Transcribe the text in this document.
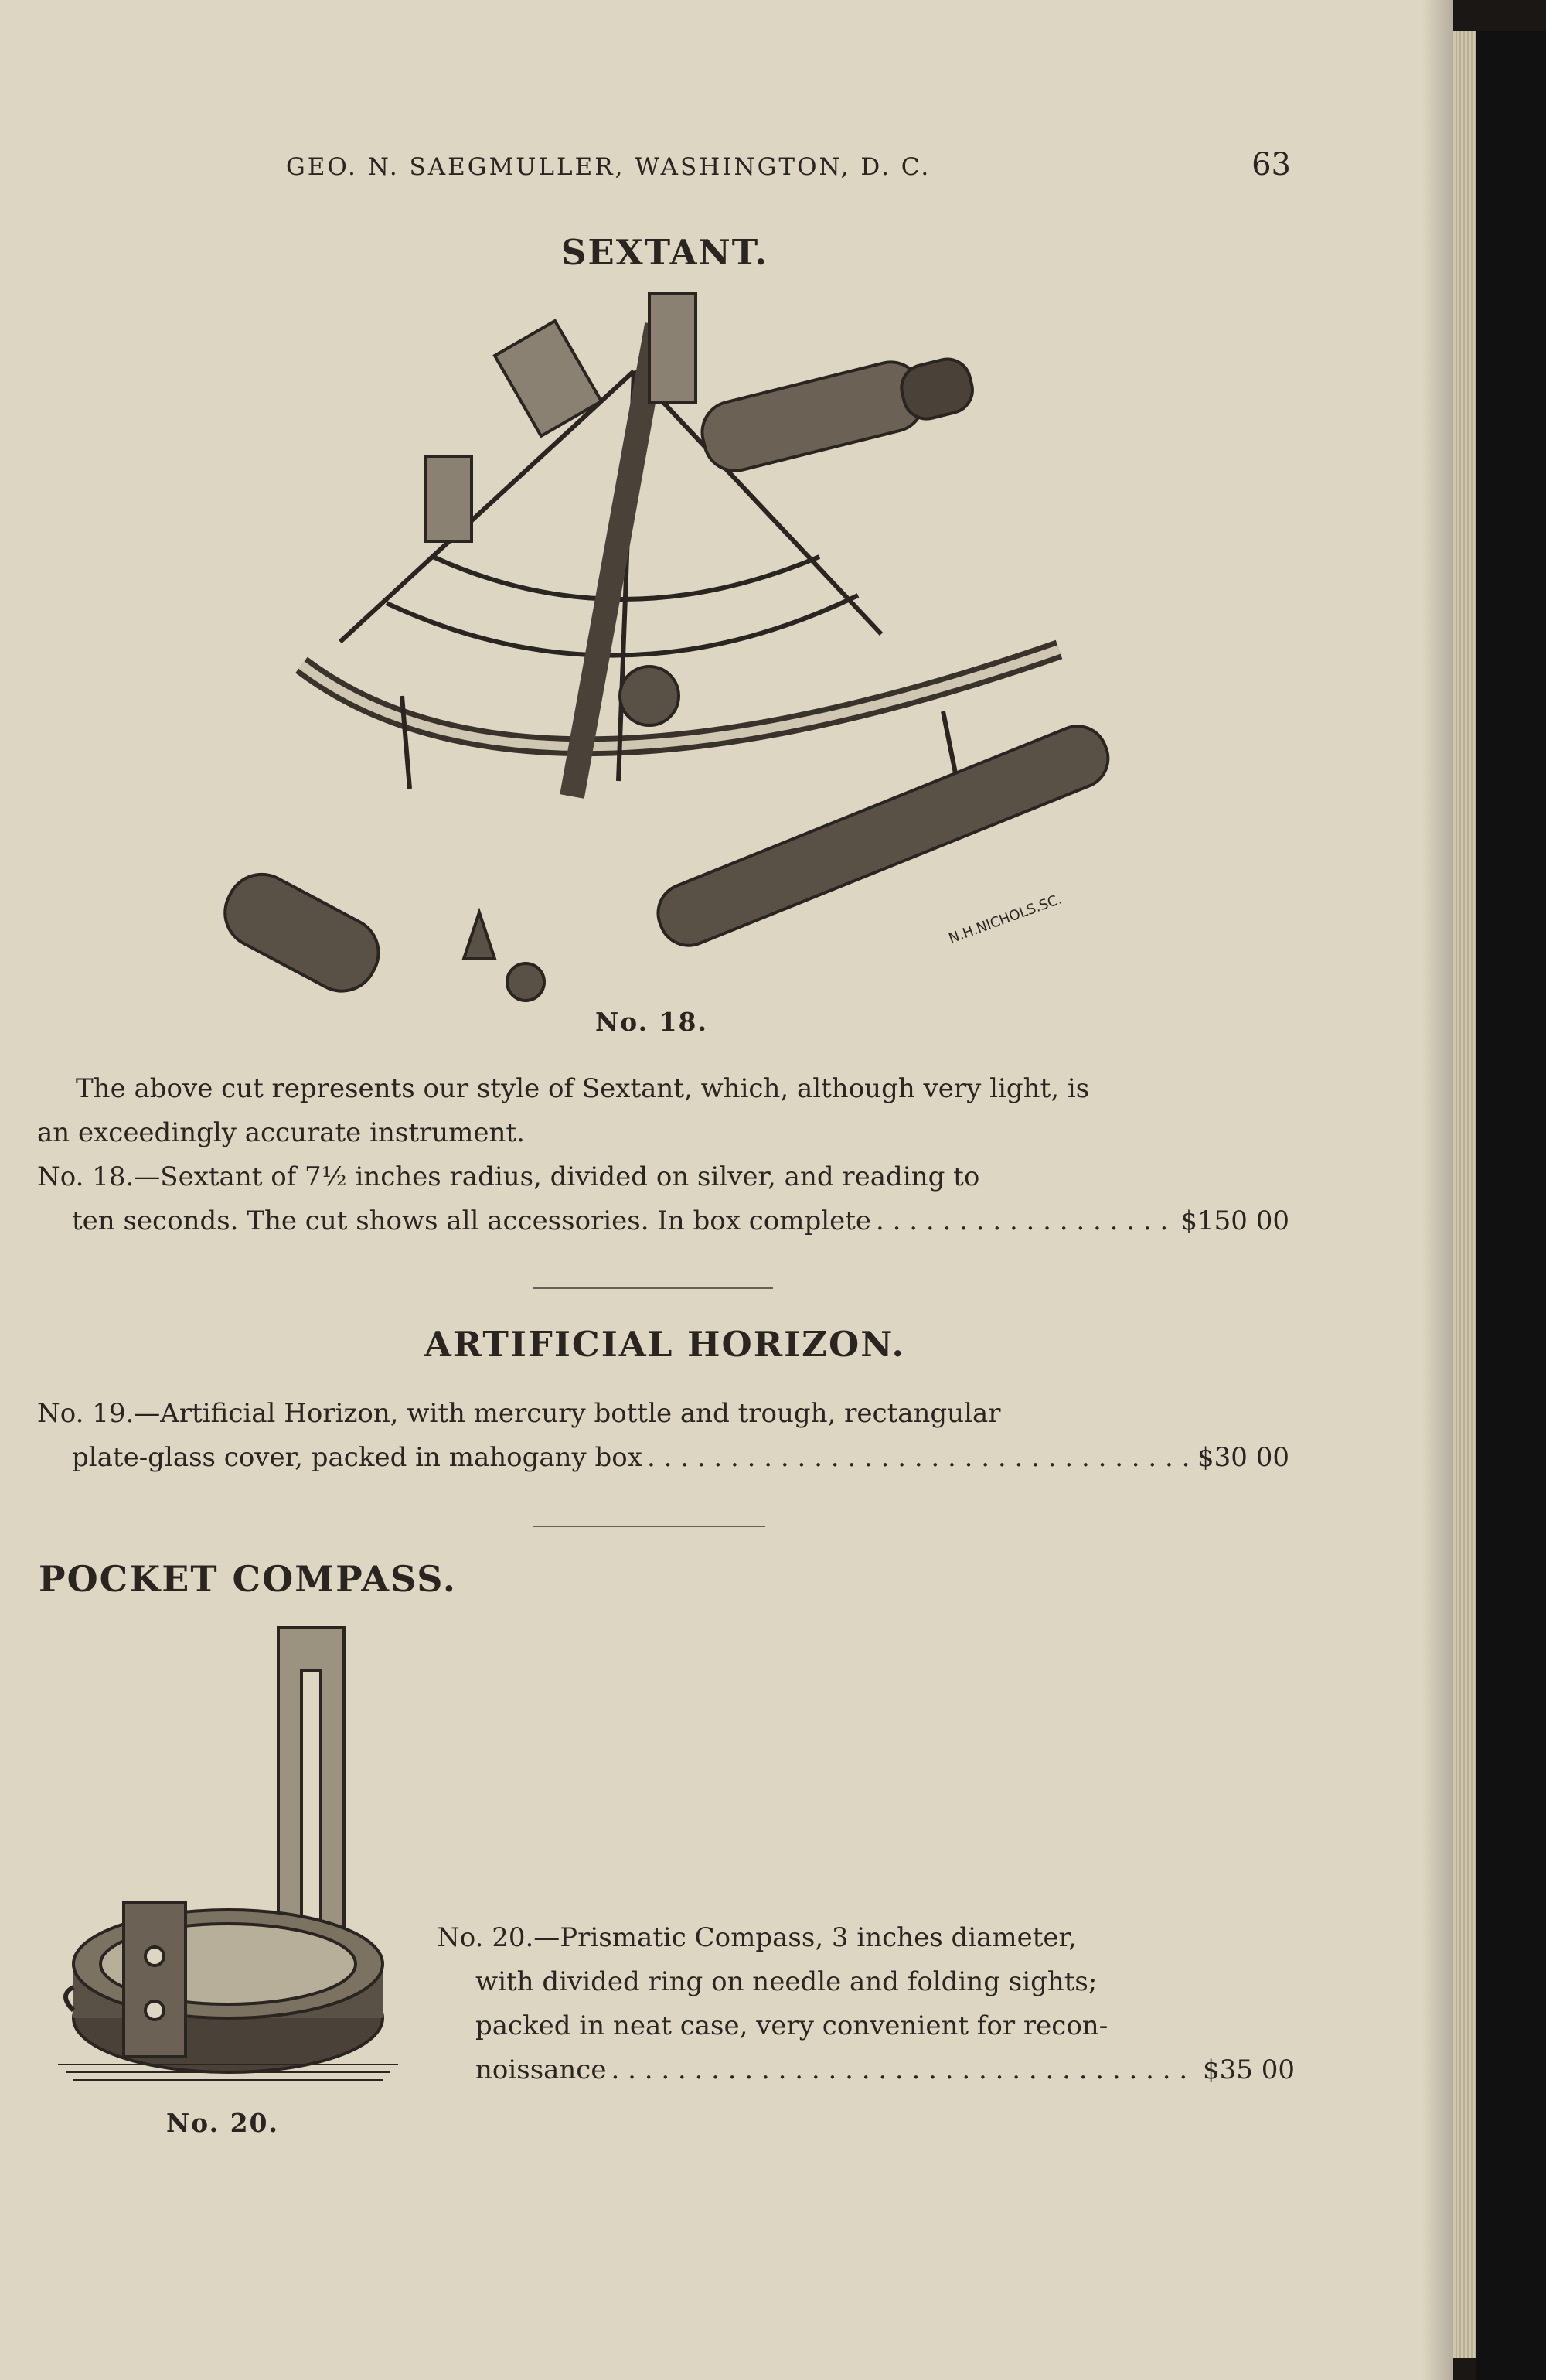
GEO. N. SAEGMULLER, WASHINGTON, D. C.	63
SEXTANT.
N.H.NICHOLS.SC.
No. 18.
The above cut represents our style of Sextant, which, although very light, is
an exceedingly accurate instrument.
No. 18.—Sextant of 7½ inches radius, divided on silver, and reading to
ten seconds. The cut shows all accessories. In box complete . . .	$150 00
ARTIFICIAL HORIZON.
No. 19.—Artificial Horizon, with mercury bottle and trough, rectangular
plate-glass cover, packed in mahogany box . . .	$30 00
POCKET COMPASS.
No. 20.
No. 20.—Prismatic Compass, 3 inches diameter,
with divided ring on needle and folding sights;
packed in neat case, very convenient for recon-
noissance . . .	$35 00
